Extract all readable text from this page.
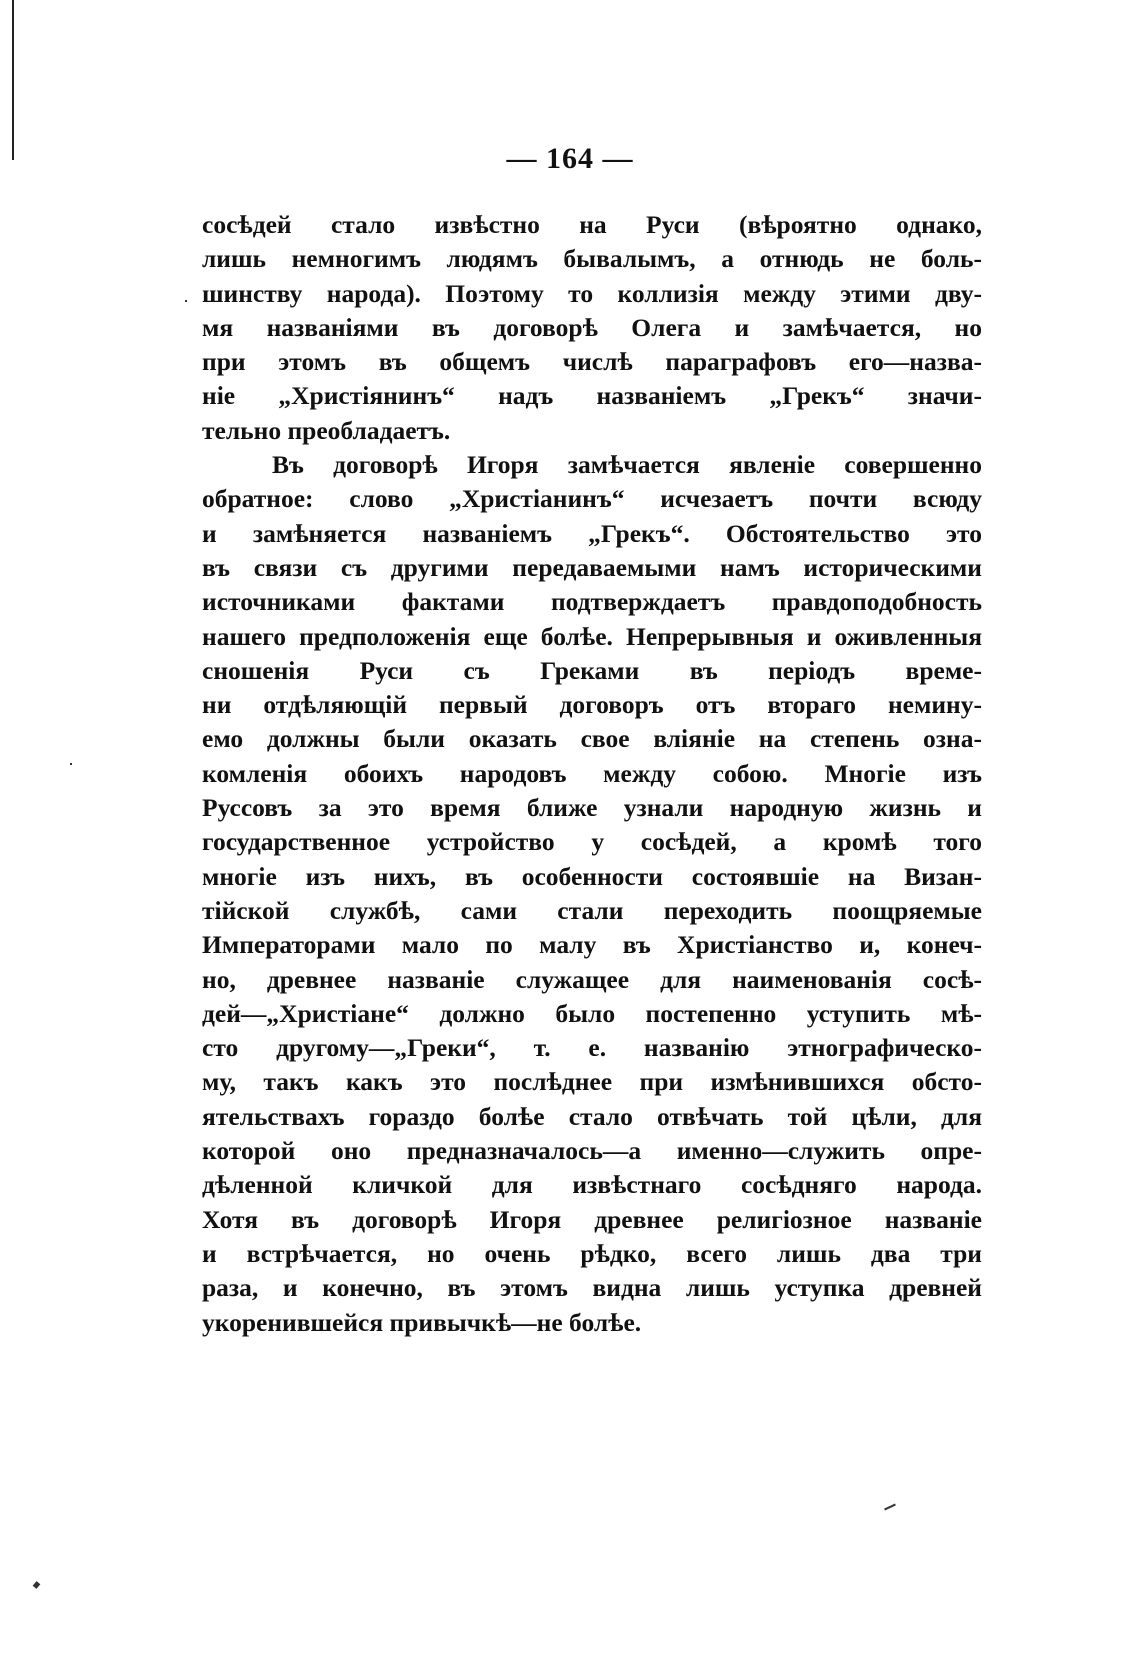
— 164 —
сосѣдей стало извѣстно на Руси (вѣроятно однако,
лишь немногимъ людямъ бывалымъ, а отнюдь не боль-
шинству народа). Поэтому то коллизія между этими дву-
мя названіями въ договорѣ Олега и замѣчается, но
при этомъ въ общемъ числѣ параграфовъ его—назва-
ніе „Христіянинъ“ надъ названіемъ „Грекъ“ значи-
тельно преобладаетъ.
Въ договорѣ Игоря замѣчается явленіе совершенно
обратное: слово „Христіанинъ“ исчезаетъ почти всюду
и замѣняется названіемъ „Грекъ“. Обстоятельство это
въ связи съ другими передаваемыми намъ историческими
источниками фактами подтверждаетъ правдоподобность
нашего предположенія еще болѣе. Непрерывныя и оживленныя
сношенія Руси съ Греками въ періодъ време-
ни отдѣляющій первый договоръ отъ втораго немину-
емо должны были оказать свое вліяніе на степень озна-
комленія обоихъ народовъ между собою. Многіе изъ
Руссовъ за это время ближе узнали народную жизнь и
государственное устройство у сосѣдей, а кромѣ того
многіе изъ нихъ, въ особенности состоявшіе на Визан-
тійской службѣ, сами стали переходить поощряемые
Императорами мало по малу въ Христіанство и, конеч-
но, древнее названіе служащее для наименованія сосѣ-
дей—„Христіане“ должно было постепенно уступить мѣ-
сто другому—„Греки“, т. е. названію этнографическо-
му, такъ какъ это послѣднее при измѣнившихся обсто-
ятельствахъ гораздо болѣе стало отвѣчать той цѣли, для
которой оно предназначалось—а именно—служить опре-
дѣленной кличкой для извѣстнаго сосѣдняго народа.
Хотя въ договорѣ Игоря древнее религіозное названіе
и встрѣчается, но очень рѣдко, всего лишь два три
раза, и конечно, въ этомъ видна лишь уступка древней
укоренившейся привычкѣ—не болѣе.
